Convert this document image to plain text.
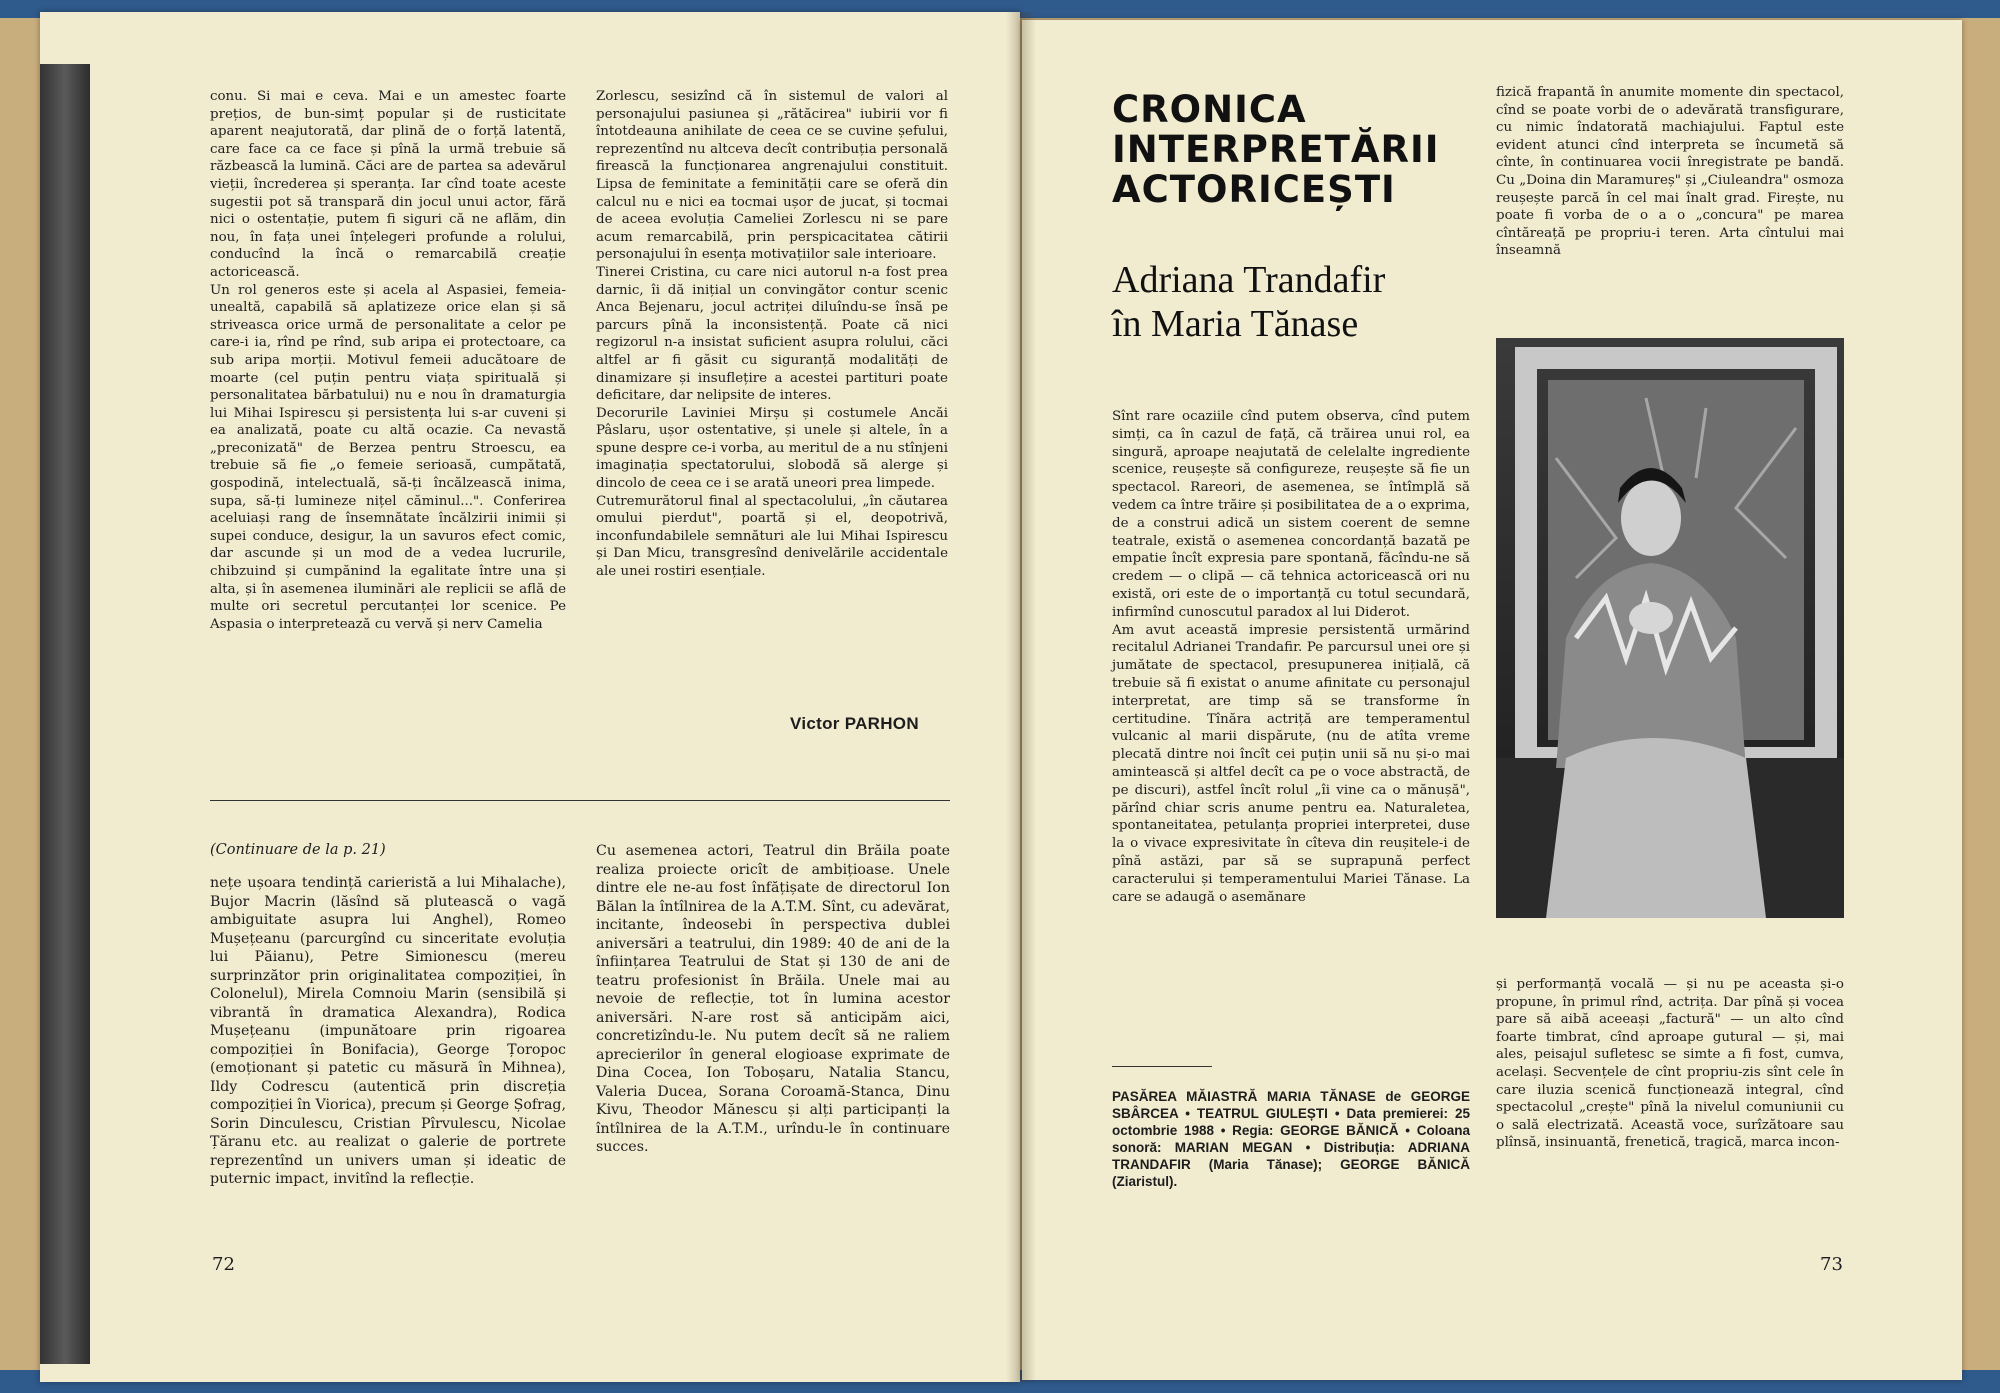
conu. Si mai e ceva. Mai e un amestec foarte prețios, de bun-simț popular și de rusticitate aparent neajutorată, dar plină de o forță latentă, care face ca ce face și pînă la urmă trebuie să răzbească la lumină. Căci are de partea sa adevărul vieții, încrederea și speranța. Iar cînd toate aceste sugestii pot să transpară din jocul unui actor, fără nici o ostentație, putem fi siguri că ne aflăm, din nou, în fața unei înțelegeri profunde a rolului, conducînd la încă o remarcabilă creație actoricească.
Un rol generos este și acela al Aspasiei, femeia-unealtă, capabilă să aplatizeze orice elan și să striveasca orice urmă de personalitate a celor pe care-i ia, rînd pe rînd, sub aripa ei protectoare, ca sub aripa morții. Motivul femeii aducătoare de moarte (cel puțin pentru viața spirituală și personalitatea bărbatului) nu e nou în dramaturgia lui Mihai Ispirescu și persistența lui s-ar cuveni și ea analizată, poate cu altă ocazie. Ca nevastă „preconizată" de Berzea pentru Stroescu, ea trebuie să fie „o femeie serioasă, cumpătată, gospodină, intelectuală, să-ți încălzească inima, supa, să-ți lumineze nițel căminul...". Conferirea aceluiași rang de însemnătate încălzirii inimii și supei conduce, desigur, la un savuros efect comic, dar ascunde și un mod de a vedea lucrurile, chibzuind și cumpănind la egalitate între una și alta, și în asemenea iluminări ale replicii se află de multe ori secretul percutanței lor scenice. Pe Aspasia o interpretează cu vervă și nerv Camelia
Zorlescu, sesizînd că în sistemul de valori al personajului pasiunea și „rătăcirea" iubirii vor fi întotdeauna anihilate de ceea ce se cuvine șefului, reprezentînd nu altceva decît contribuția personală firească la funcționarea angrenajului constituit. Lipsa de feminitate a feminității care se oferă din calcul nu e nici ea tocmai ușor de jucat, și tocmai de aceea evoluția Cameliei Zorlescu ni se pare acum remarcabilă, prin perspicacitatea cătirii personajului în esența motivațiilor sale interioare.
Tinerei Cristina, cu care nici autorul n-a fost prea darnic, îi dă inițial un convingător contur scenic Anca Bejenaru, jocul actriței diluîndu-se însă pe parcurs pînă la inconsistență. Poate că nici regizorul n-a insistat suficient asupra rolului, căci altfel ar fi găsit cu siguranță modalități de dinamizare și insuflețire a acestei partituri poate deficitare, dar nelipsite de interes.
Decorurile Laviniei Mirșu și costumele Ancăi Pâslaru, ușor ostentative, și unele și altele, în a spune despre ce-i vorba, au meritul de a nu stînjeni imaginația spectatorului, slobodă să alerge și dincolo de ceea ce i se arată uneori prea limpede.
Cutremurătorul final al spectacolului, „în căutarea omului pierdut", poartă și el, deopotrivă, inconfundabilele semnături ale lui Mihai Ispirescu și Dan Micu, transgresînd denivelările accidentale ale unei rostiri esențiale.
Victor PARHON
(Continuare de la p. 21)
nețe ușoara tendință carieristă a lui Mihalache), Bujor Macrin (lăsînd să plutească o vagă ambiguitate asupra lui Anghel), Romeo Mușețeanu (parcurgînd cu sinceritate evoluția lui Păianu), Petre Simionescu (mereu surprinzător prin originalitatea compoziției, în Colonelul), Mirela Comnoiu Marin (sensibilă și vibrantă în dramatica Alexandra), Rodica Mușețeanu (impunătoare prin rigoarea compoziției în Bonifacia), George Țoropoc (emoționant și patetic cu măsură în Mihnea), Ildy Codrescu (autentică prin discreția compoziției în Viorica), precum și George Șofrag, Sorin Dinculescu, Cristian Pîrvulescu, Nicolae Țăranu etc. au realizat o galerie de portrete reprezentînd un univers uman și ideatic de puternic impact, invitînd la reflecție.
Cu asemenea actori, Teatrul din Brăila poate realiza proiecte oricît de ambițioase. Unele dintre ele ne-au fost înfățișate de directorul Ion Bălan la întîlnirea de la A.T.M. Sînt, cu adevărat, incitante, îndeosebi în perspectiva dublei aniversări a teatrului, din 1989: 40 de ani de la înființarea Teatrului de Stat și 130 de ani de teatru profesionist în Brăila. Unele mai au nevoie de reflecție, tot în lumina acestor aniversări. N-are rost să anticipăm aici, concretizîndu-le. Nu putem decît să ne raliem aprecierilor în general elogioase exprimate de Dina Cocea, Ion Toboșaru, Natalia Stancu, Valeria Ducea, Sorana Coroamă-Stanca, Dinu Kivu, Theodor Mănescu și alți participanți la întîlnirea de la A.T.M., urîndu-le în continuare succes.
72
CRONICA
INTERPRETĂRII
ACTORICEȘTI
Adriana Trandafir
în Maria Tănase
Sînt rare ocaziile cînd putem observa, cînd putem simți, ca în cazul de față, că trăirea unui rol, ea singură, aproape neajutată de celelalte ingrediente scenice, reușește să configureze, reușește să fie un spectacol. Rareori, de asemenea, se întîmplă să vedem ca între trăire și posibilitatea de a o exprima, de a construi adică un sistem coerent de semne teatrale, există o asemenea concordanță bazată pe empatie încît expresia pare spontană, făcîndu-ne să credem — o clipă — că tehnica actoricească ori nu există, ori este de o importanță cu totul secundară, infirmînd cunoscutul paradox al lui Diderot.
Am avut această impresie persistentă urmărind recitalul Adrianei Trandafir. Pe parcursul unei ore și jumătate de spectacol, presupunerea inițială, că trebuie să fi existat o anume afinitate cu personajul interpretat, are timp să se transforme în certitudine. Tînăra actriță are temperamentul vulcanic al marii dispărute, (nu de atîta vreme plecată dintre noi încît cei puțin unii să nu și-o mai amintească și altfel decît ca pe o voce abstractă, de pe discuri), astfel încît rolul „îi vine ca o mănușă", părînd chiar scris anume pentru ea. Naturaletea, spontaneitatea, petulanța propriei interpretei, duse la o vivace expresivitate în cîteva din reușitele-i de pînă astăzi, par să se suprapună perfect caracterului și temperamentului Mariei Tănase. La care se adaugă o asemănare
PASĂREA MĂIASTRĂ MARIA TĂNASE de GEORGE SBÂRCEA • TEATRUL GIULEȘTI • Data premierei: 25 octombrie 1988 • Regia: GEORGE BĂNICĂ • Coloana sonoră: MARIAN MEGAN • Distribuția: ADRIANA TRANDAFIR (Maria Tănase); GEORGE BĂNICĂ (Ziaristul).
fizică frapantă în anumite momente din spectacol, cînd se poate vorbi de o adevărată transfigurare, cu nimic îndatorată machiajului. Faptul este evident atunci cînd interpreta se încumetă să cînte, în continuarea vocii înregistrate pe bandă. Cu „Doina din Maramureș" și „Ciuleandra" osmoza reușește parcă în cel mai înalt grad. Firește, nu poate fi vorba de o a o „concura" pe marea cîntăreață pe propriu-i teren. Arta cîntului mai înseamnă
și performanță vocală — și nu pe aceasta și-o propune, în primul rînd, actrița. Dar pînă și vocea pare să aibă aceeași „factură" — un alto cînd foarte timbrat, cînd aproape gutural — și, mai ales, peisajul sufletesc se simte a fi fost, cumva, același. Secvențele de cînt propriu-zis sînt cele în care iluzia scenică funcționează integral, cînd spectacolul „crește" pînă la nivelul comuniunii cu o sală electrizată. Această voce, surîzătoare sau plînsă, insinuantă, frenetică, tragică, marca incon-
73
